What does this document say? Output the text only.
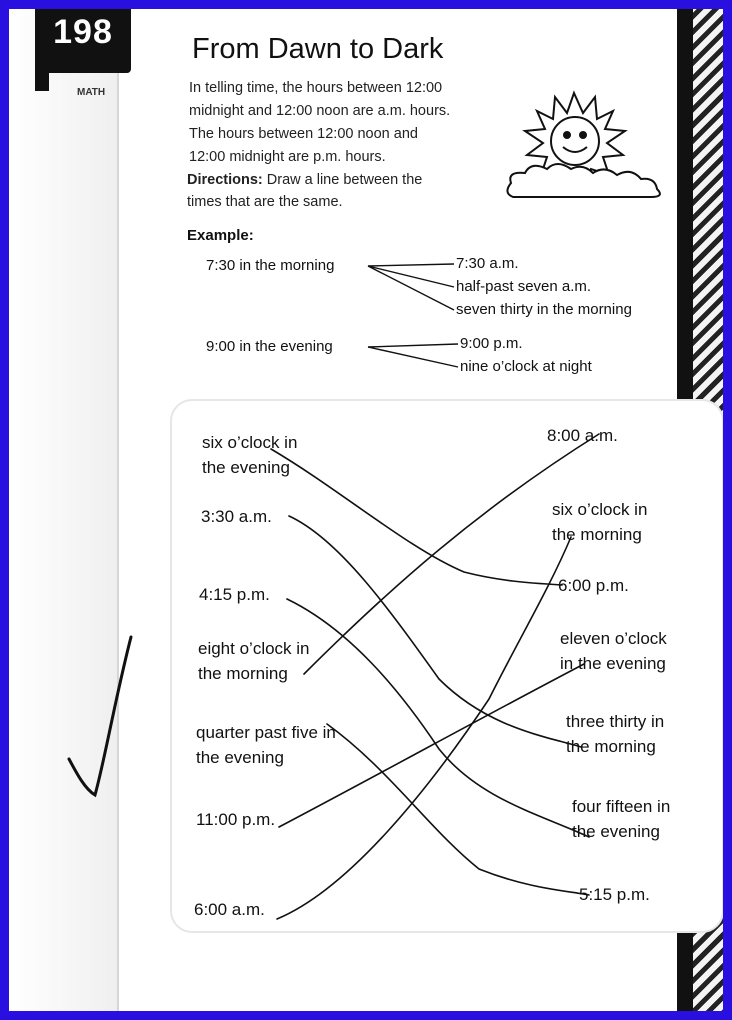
198
MATH
From Dawn to Dark
In telling time, the hours between 12:00
midnight and 12:00 noon are a.m. hours.
The hours between 12:00 noon and
12:00 midnight are p.m. hours.
Directions: Draw a line between the
times that are the same.
Example:
7:30 in the morning	7:30 a.m.
half-past seven a.m.
seven thirty in the morning
9:00 in the evening	9:00 p.m.
nine o’clock at night
six o’clock in
the evening
3:30 a.m.
4:15 p.m.
eight o’clock in
the morning
quarter past five in
the evening
11:00 p.m.
6:00 a.m.
8:00 a.m.
six o’clock in
the morning
6:00 p.m.
eleven o’clock
in the evening
three thirty in
the morning
four fifteen in
the evening
5:15 p.m.
